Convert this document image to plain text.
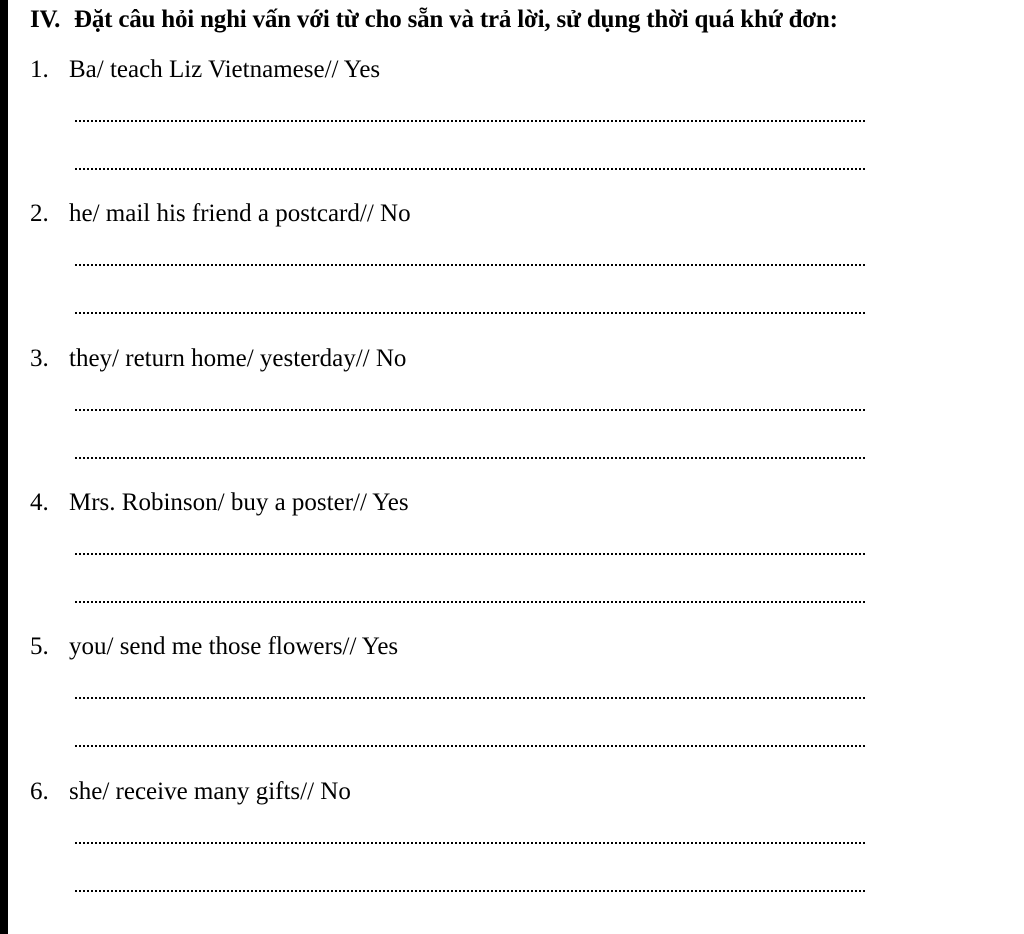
IV. Đặt câu hỏi nghi vấn với từ cho sẵn và trả lời, sử dụng thời quá khứ đơn:
1. Ba/ teach Liz Vietnamese// Yes
2. he/ mail his friend a postcard// No
3. they/ return home/ yesterday// No
4. Mrs. Robinson/ buy a poster// Yes
5. you/ send me those flowers// Yes
6. she/ receive many gifts// No
